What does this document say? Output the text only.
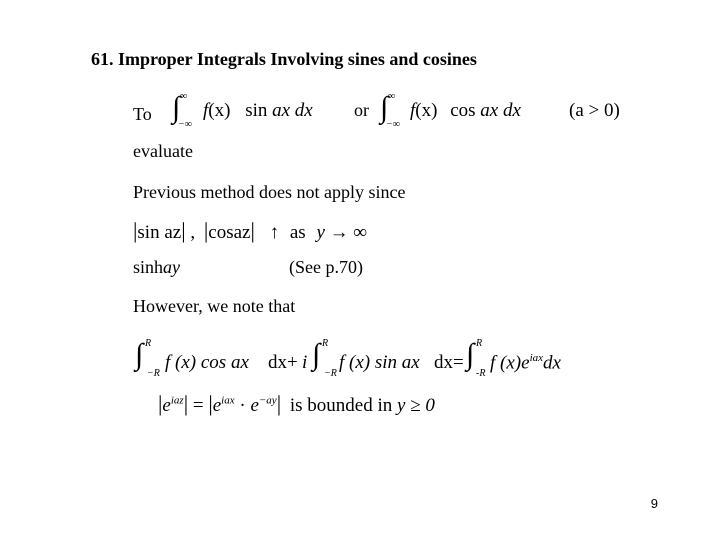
61. Improper Integrals Involving sines and cosines
To ∫ ∞
−∞
f(x) sin ax dx or ∫ ∞
−∞
f(x) cos ax dx	(a > 0)
evaluate
Previous method does not apply since
|sin az| , |cosaz| ↑ as y → ∞
sinhay	(See p.70)
However, we note that
∫ R
−R
f (x) cos ax dx+ i ∫ R
−R
f (x) sin ax dx= ∫ R
-R
f $(x)e^{iax}dx$
$|e^{iaz}| = |e^{iax} \cdot e^{-ay}|$ is bounded in y ≥ 0
9
